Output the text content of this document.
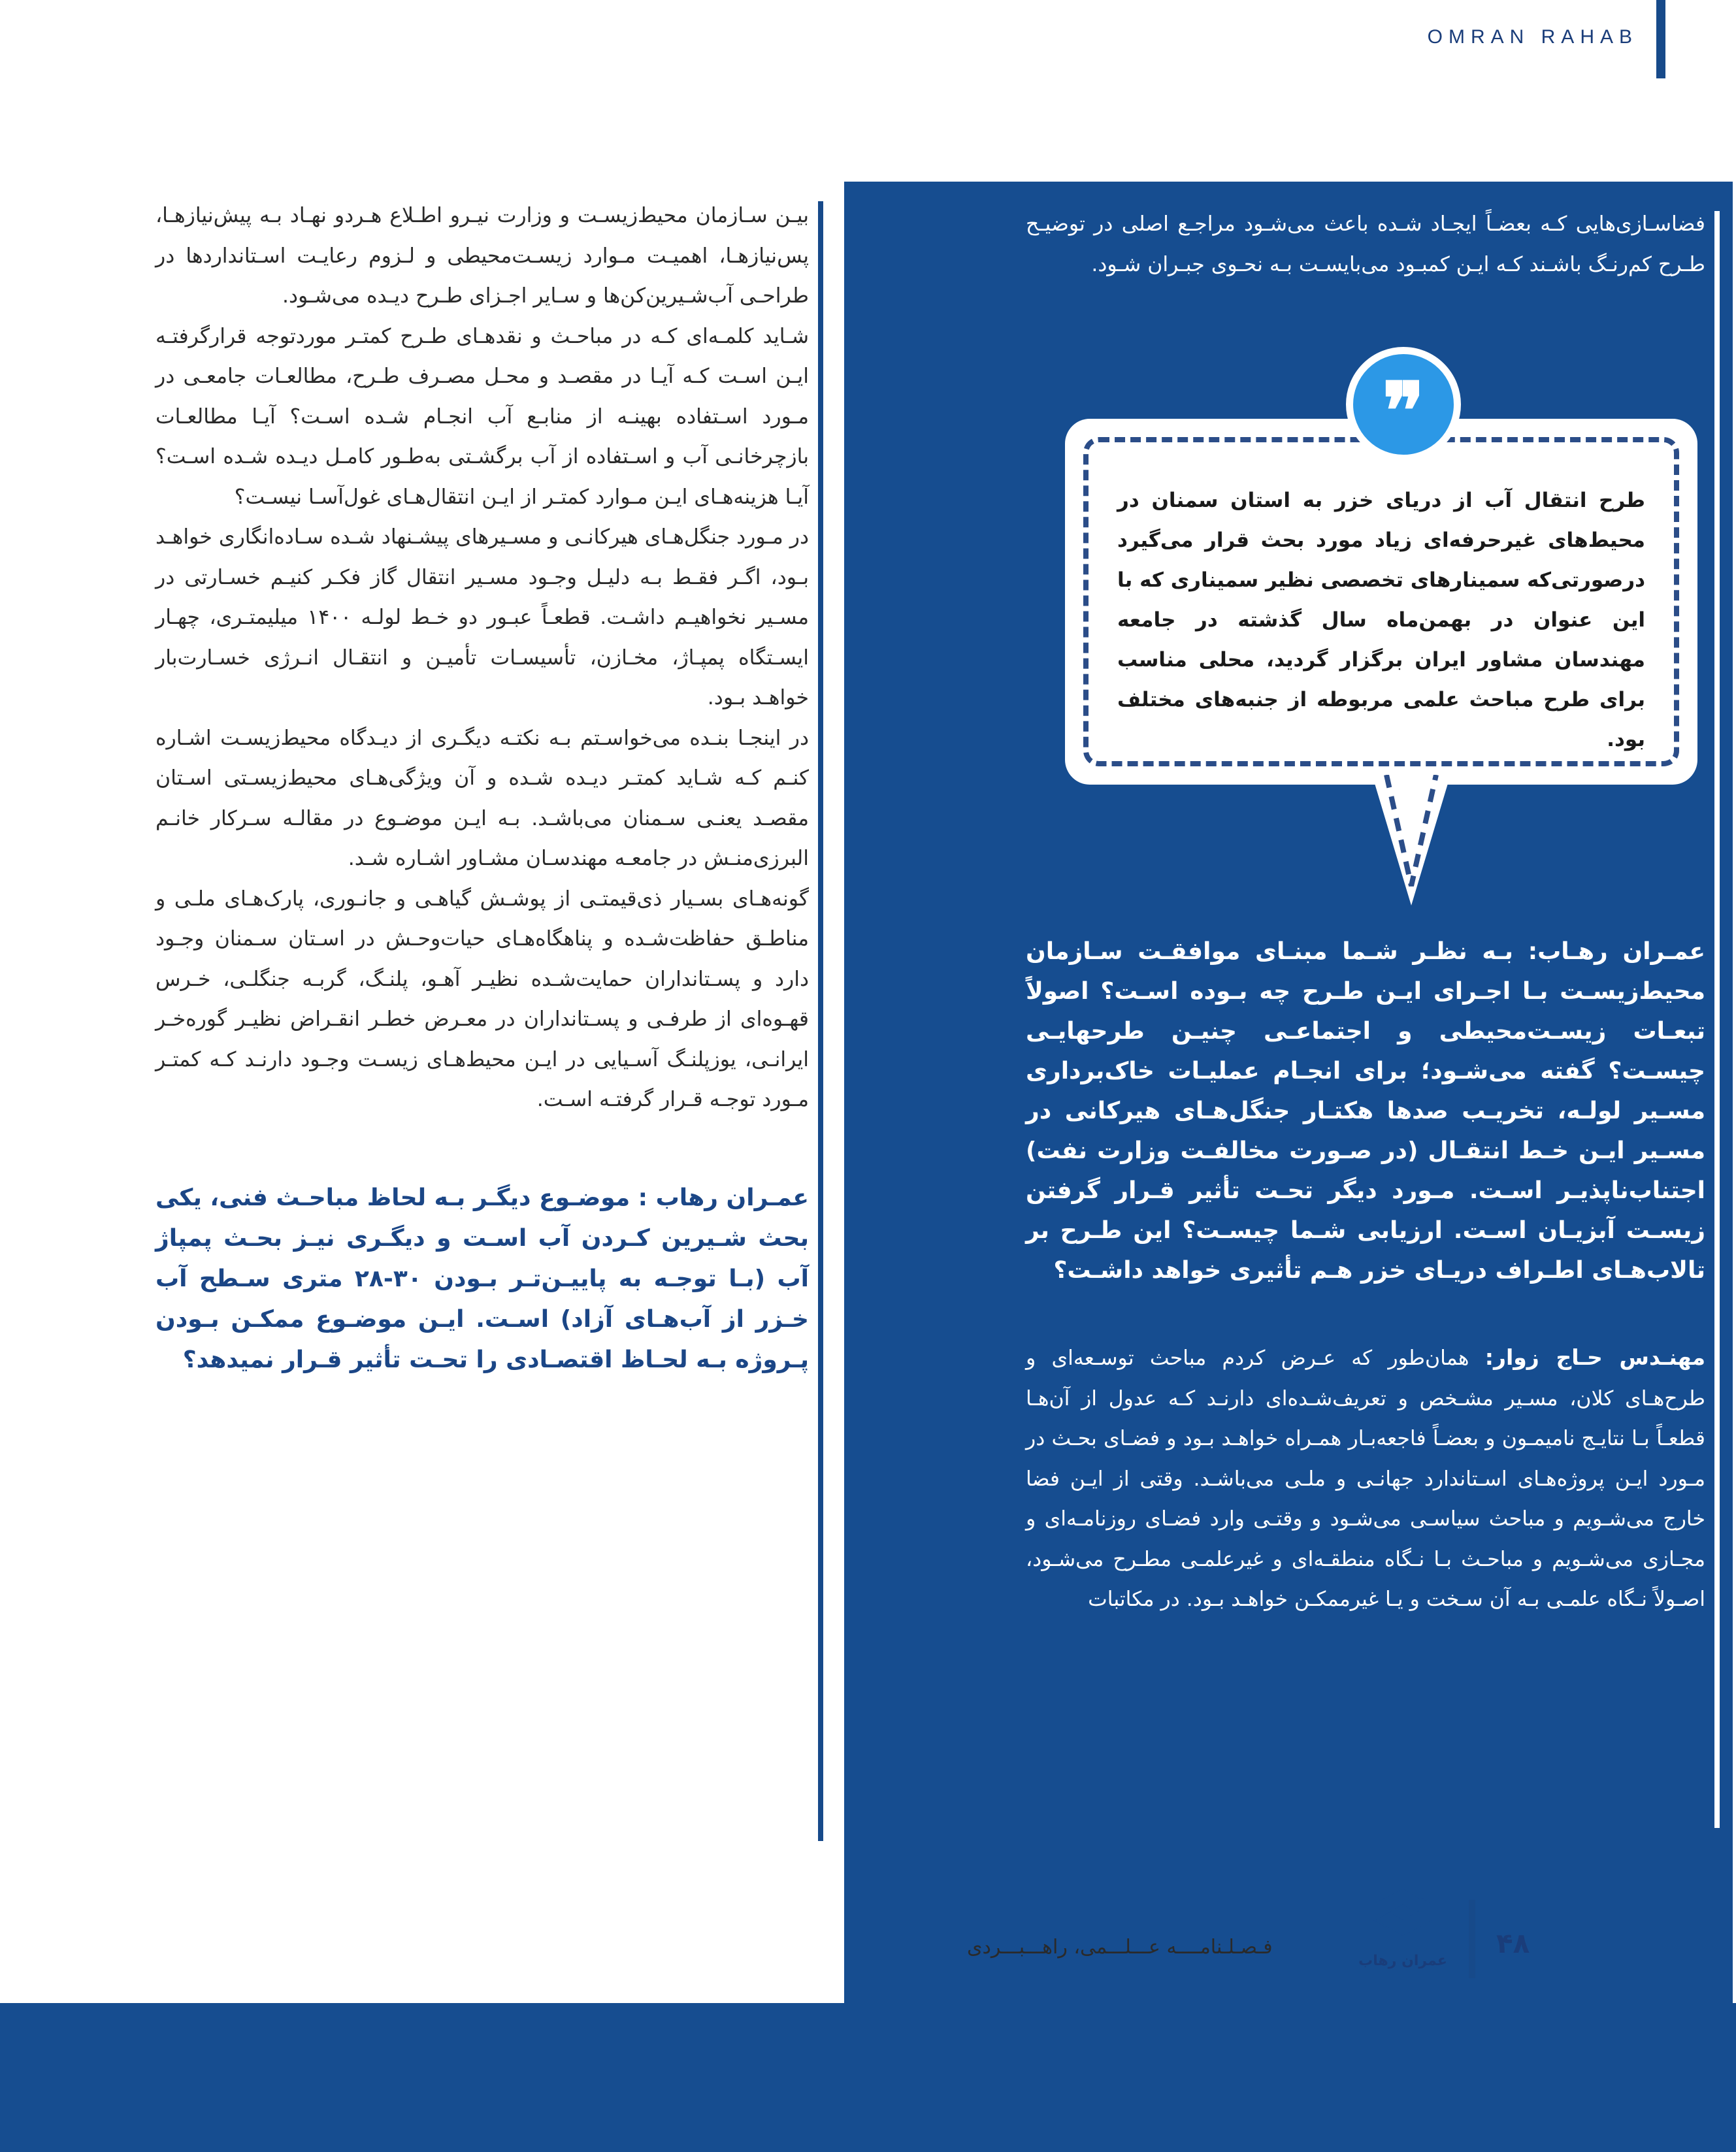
OMRAN RAHAB

بیـن سـازمان محیط‌زیسـت و وزارت نیـرو اطـلاع هـردو نهـاد بـه پیش‌نیازهـا، پس‌نیازهـا، اهمیـت مـوارد زیسـت‌محیطی و لـزوم رعایـت اسـتانداردها در طراحـی آب‌شـیرین‌کن‌ها و سـایر اجـزای طـرح دیـده می‌شـود.

شـاید کلمـه‌ای کـه در مباحـث و نقدهـای طـرح کمتـر موردتوجه قرارگرفتـه ایـن اسـت کـه آیـا در مقصـد و محـل مصـرف طـرح، مطالعـات جامعـی در مـورد اسـتفاده بهینـه از منابـع آب انجـام شـده اسـت؟ آیـا مطالعـات بازچرخانـی آب و اسـتفاده از آب برگشـتی به‌طـور کامـل دیـده شـده اسـت؟ آیـا هزینه‌هـای ایـن مـوارد کمتـر از ایـن انتقال‌هـای غول‌آسـا نیسـت؟

در مـورد جنگل‌هـای هیرکانـی و مسـیرهای پیشـنهاد شـده سـاده‌انگاری خواهـد بـود، اگـر فقـط بـه دلیـل وجـود مسـیر انتقال گاز فکـر کنیـم خسـارتی در مسـیر نخواهیـم داشـت. قطعـاً عبـور دو خـط لولـه ۱۴۰۰ میلیمتـری، چهـار ایسـتگاه پمپـاژ، مخـازن، تأسیسـات تأمیـن و انتقـال انـرژی خسـارت‌بار خواهـد بـود.

در اینجـا بنـده می‌خواسـتم بـه نکتـه دیگـری از دیـدگاه محیط‌زیسـت اشـاره کنـم کـه شـاید کمتـر دیـده شـده و آن ویژگی‌هـای محیط‌زیسـتی اسـتان مقصـد یعنـی سـمنان می‌باشـد. بـه ایـن موضـوع در مقالـه سـرکار خانـم البرزی‌منـش در جامعـه مهندسـان مشـاور اشـاره شـد.

گونه‌هـای بسـیار ذی‌قیمتـی از پوشـش گیاهـی و جانـوری، پارک‌هـای ملـی و مناطـق حفاظت‌شـده و پناهگاه‌هـای حیات‌وحـش در اسـتان سـمنان وجـود دارد و پسـتانداران حمایت‌شـده نظیـر آهـو، پلنـگ، گربـه جنگلـی، خـرس قهـوه‌ای از طرفـی و پسـتانداران در معـرض خطـر انقـراض نظیـر گوره‌خـر ایرانـی، یوزپلنـگ آسـیایی در ایـن محیط‌هـای زیسـت وجـود دارنـد کـه کمتـر مـورد توجـه قـرار گرفتـه اسـت.

عمـران رهاب : موضـوع دیگـر بـه لحاظ مباحـث فنی، یکی بحث شـیرین کـردن آب اسـت و دیگـری نیـز بحـث پمپاژ آب (بـا توجـه به پاییـن‌تـر بـودن ۳۰-۲۸ متری سـطح آب خـزر از آب‌هـای آزاد) اسـت. ایـن موضـوع ممکـن بـودن پـروژه بـه لحـاظ اقتصـادی را تحـت تأثیر قـرار نمیدهد؟

فضاسـازی‌هایی کـه بعضـاً ایجـاد شـده باعث می‌شـود مراجـع اصلی در توضیـح طـرح کم‌رنـگ باشـند کـه ایـن کمبـود می‌بایسـت بـه نحـوی جبـران شـود.

❞
طرح انتقال آب از دریای خزر به استان سمنان در محیط‌های غیرحرفه‌ای زیاد مورد بحث قرار می‌گیرد درصورتی‌که سمینارهای تخصصی نظیر سمیناری که با این عنوان در بهمن‌ماه سال گذشته در جامعه مهندسان مشاور ایران برگزار گردید، محلی مناسب برای طرح مباحث علمی مربوطه از جنبه‌های مختلف بود.

عمـران رهـاب: بـه نظـر شـما مبنـای موافقـت سـازمان محیط‌زیسـت بـا اجـرای ایـن طـرح چه بـوده اسـت؟ اصولاً تبعـات زیسـت‌محیطی و اجتماعـی چنیـن طرحهایـی چیسـت؟ گفته می‌شـود؛ برای انجـام عملیـات خاک‌برداری مسـیر لولـه، تخریـب صدها هکتـار جنگل‌هـای هیرکانی در مسـیر ایـن خـط انتقـال (در صـورت مخالفـت وزارت نفت) اجتناب‌ناپذیـر اسـت. مـورد دیگر تحـت تأثیر قـرار گرفتن زیسـت آبزیـان اسـت. ارزیابی شـما چیسـت؟ این طـرح بر تالاب‌هـای اطـراف دریـای خزر هـم تأثیری خواهد داشـت؟

مهنـدس حـاج زوار: همان‌طور که عـرض کردم مباحث توسـعه‌ای و طرح‌هـای کلان، مسـیر مشـخص و تعریف‌شـده‌ای دارنـد کـه عدول از آن‌هـا قطعـاً بـا نتایـج نامیمـون و بعضـاً فاجعه‌بـار همـراه خواهـد بـود و فضـای بحـث در مـورد ایـن پروژه‌هـای اسـتاندارد جهانـی و ملـی می‌باشـد. وقتی از ایـن فضا خارج می‌شـویم و مباحث سیاسـی می‌شـود و وقتـی وارد فضـای روزنامـه‌ای و مجـازی می‌شـویم و مباحـث بـا نـگاه منطقـه‌ای و غیرعلمـی مطـرح می‌شـود، اصـولاً نـگاه علمـی بـه آن سـخت و یـا غیرممکـن خواهـد بـود. در مکاتبات

فـصـلـنامــــه عـــلـــمی، راهـــبـــردی
عمران رهاب
۴۸
